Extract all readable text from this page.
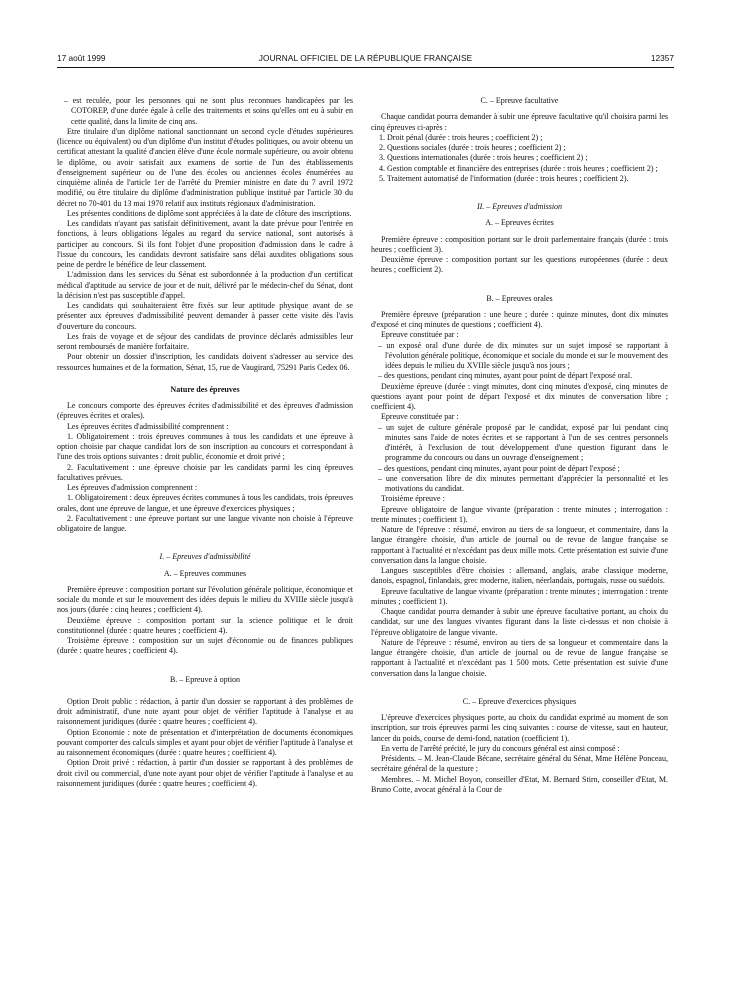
17 août 1999	JOURNAL OFFICIEL DE LA RÉPUBLIQUE FRANÇAISE	12357

– est reculée, pour les personnes qui ne sont plus reconnues handicapées par les COTOREP, d'une durée égale à celle des traitements et soins qu'elles ont eu à subir en cette qualité, dans la limite de cinq ans.

Etre titulaire d'un diplôme national sanctionnant un second cycle d'études supérieures (licence ou équivalent) ou d'un diplôme d'un institut d'études politiques, ou avoir obtenu un certificat attestant la qualité d'ancien élève d'une école normale supérieure, ou avoir obtenu le diplôme, ou avoir satisfait aux examens de sortie de l'un des établissements d'enseignement supérieur ou de l'une des écoles ou anciennes écoles énumérées au cinquième alinéa de l'article 1er de l'arrêté du Premier ministre en date du 7 avril 1972 modifié, ou être titulaire du diplôme d'administration publique institué par l'article 30 du décret no 70-401 du 13 mai 1970 relatif aux instituts régionaux d'administration.

Les présentes conditions de diplôme sont appréciées à la date de clôture des inscriptions.

Les candidats n'ayant pas satisfait définitivement, avant la date prévue pour l'entrée en fonctions, à leurs obligations légales au regard du service national, sont autorisés à participer au concours. Si ils font l'objet d'une proposition d'admission dans le cadre à l'issue du concours, les candidats devront satisfaire sans délai auxdites obligations sous peine de perdre le bénéfice de leur classement.

L'admission dans les services du Sénat est subordonnée à la production d'un certificat médical d'aptitude au service de jour et de nuit, délivré par le médecin-chef du Sénat, dont la décision n'est pas susceptible d'appel.

Les candidats qui souhaiteraient être fixés sur leur aptitude physique avant de se présenter aux épreuves d'admissibilité peuvent demander à passer cette visite dès l'avis d'ouverture du concours.

Les frais de voyage et de séjour des candidats de province déclarés admissibles leur seront remboursés de manière forfaitaire.

Pour obtenir un dossier d'inscription, les candidats doivent s'adresser au service des ressources humaines et de la formation, Sénat, 15, rue de Vaugirard, 75291 Paris Cedex 06.

Nature des épreuves

Le concours comporte des épreuves écrites d'admissibilité et des épreuves d'admission (épreuves écrites et orales).

Les épreuves écrites d'admissibilité comprennent :

1. Obligatoirement : trois épreuves communes à tous les candidats et une épreuve à option choisie par chaque candidat lors de son inscription au concours et correspondant à l'une des trois options suivantes : droit public, économie et droit privé ;

2. Facultativement : une épreuve choisie par les candidats parmi les cinq épreuves facultatives prévues.

Les épreuves d'admission comprennent :

1. Obligatoirement : deux épreuves écrites communes à tous les candidats, trois épreuves orales, dont une épreuve de langue, et une épreuve d'exercices physiques ;

2. Facultativement : une épreuve portant sur une langue vivante non choisie à l'épreuve obligatoire de langue.

I. – Epreuves d'admissibilité
A. – Epreuves communes

Première épreuve : composition portant sur l'évolution générale politique, économique et sociale du monde et sur le mouvement des idées depuis le milieu du XVIIIe siècle jusqu'à nos jours (durée : cinq heures ; coefficient 4).

Deuxième épreuve : composition portant sur la science politique et le droit constitutionnel (durée : quatre heures ; coefficient 4).

Troisième épreuve : composition sur un sujet d'économie ou de finances publiques (durée : quatre heures ; coefficient 4).

B. – Epreuve à option

Option Droit public : rédaction, à partir d'un dossier se rapportant à des problèmes de droit administratif, d'une note ayant pour objet de vérifier l'aptitude à l'analyse et au raisonnement juridiques (durée : quatre heures ; coefficient 4).

Option Economie : note de présentation et d'interprétation de documents économiques pouvant comporter des calculs simples et ayant pour objet de vérifier l'aptitude à l'analyse et au raisonnement économiques (durée : quatre heures ; coefficient 4).

Option Droit privé : rédaction, à partir d'un dossier se rapportant à des problèmes de droit civil ou commercial, d'une note ayant pour objet de vérifier l'aptitude à l'analyse et au raisonnement juridiques (durée : quatre heures ; coefficient 4).

C. – Epreuve facultative

Chaque candidat pourra demander à subir une épreuve facultative qu'il choisira parmi les cinq épreuves ci-après :

1. Droit pénal (durée : trois heures ; coefficient 2) ;

2. Questions sociales (durée : trois heures ; coefficient 2) ;

3. Questions internationales (durée : trois heures ; coefficient 2) ;

4. Gestion comptable et financière des entreprises (durée : trois heures ; coefficient 2) ;

5. Traitement automatisé de l'information (durée : trois heures ; coefficient 2).

II. – Epreuves d'admission
A. – Epreuves écrites

Première épreuve : composition portant sur le droit parlementaire français (durée : trois heures ; coefficient 3).

Deuxième épreuve : composition portant sur les questions européennes (durée : deux heures ; coefficient 2).

B. – Epreuves orales

Première épreuve (préparation : une heure ; durée : quinze minutes, dont dix minutes d'exposé et cinq minutes de questions ; coefficient 4).

Epreuve constituée par :

– un exposé oral d'une durée de dix minutes sur un sujet imposé se rapportant à l'évolution générale politique, économique et sociale du monde et sur le mouvement des idées depuis le milieu du XVIIIe siècle jusqu'à nos jours ;

– des questions, pendant cinq minutes, ayant pour point de départ l'exposé oral.

Deuxième épreuve (durée : vingt minutes, dont cinq minutes d'exposé, cinq minutes de questions ayant pour point de départ l'exposé et dix minutes de conversation libre ; coefficient 4).

Epreuve constituée par :

– un sujet de culture générale proposé par le candidat, exposé par lui pendant cinq minutes sans l'aide de notes écrites et se rapportant à l'un de ses centres personnels d'intérêt, à l'exclusion de tout développement d'une question figurant dans le programme du concours ou dans un ouvrage d'enseignement ;

– des questions, pendant cinq minutes, ayant pour point de départ l'exposé ;

– une conversation libre de dix minutes permettant d'apprécier la personnalité et les motivations du candidat.

Troisième épreuve :

Epreuve obligatoire de langue vivante (préparation : trente minutes ; interrogation : trente minutes ; coefficient 1).

Nature de l'épreuve : résumé, environ au tiers de sa longueur, et commentaire, dans la langue étrangère choisie, d'un article de journal ou de revue de langue française se rapportant à l'actualité et n'excédant pas deux mille mots. Cette présentation est suivie d'une conversation dans la langue choisie.

Langues susceptibles d'être choisies : allemand, anglais, arabe classique moderne, danois, espagnol, finlandais, grec moderne, italien, néerlandais, portugais, russe ou suédois.

Epreuve facultative de langue vivante (préparation : trente minutes ; interrogation : trente minutes ; coefficient 1).

Chaque candidat pourra demander à subir une épreuve facultative portant, au choix du candidat, sur une des langues vivantes figurant dans la liste ci-dessus et non choisie à l'épreuve obligatoire de langue vivante.

Nature de l'épreuve : résumé, environ au tiers de sa longueur et commentaire dans la langue étrangère choisie, d'un article de journal ou de revue de langue française se rapportant à l'actualité et n'excédant pas 1 500 mots. Cette présentation est suivie d'une conversation dans la langue choisie.

C. – Epreuve d'exercices physiques

L'épreuve d'exercices physiques porte, au choix du candidat exprimé au moment de son inscription, sur trois épreuves parmi les cinq suivantes : course de vitesse, saut en hauteur, lancer du poids, course de demi-fond, natation (coefficient 1).

En vertu de l'arrêté précité, le jury du concours général est ainsi composé :

Présidents. – M. Jean-Claude Bécane, secrétaire général du Sénat, Mme Hélène Ponceau, secrétaire général de la questure ;

Membres. – M. Michel Boyon, conseiller d'Etat, M. Bernard Stirn, conseiller d'Etat, M. Bruno Cotte, avocat général à la Cour de
